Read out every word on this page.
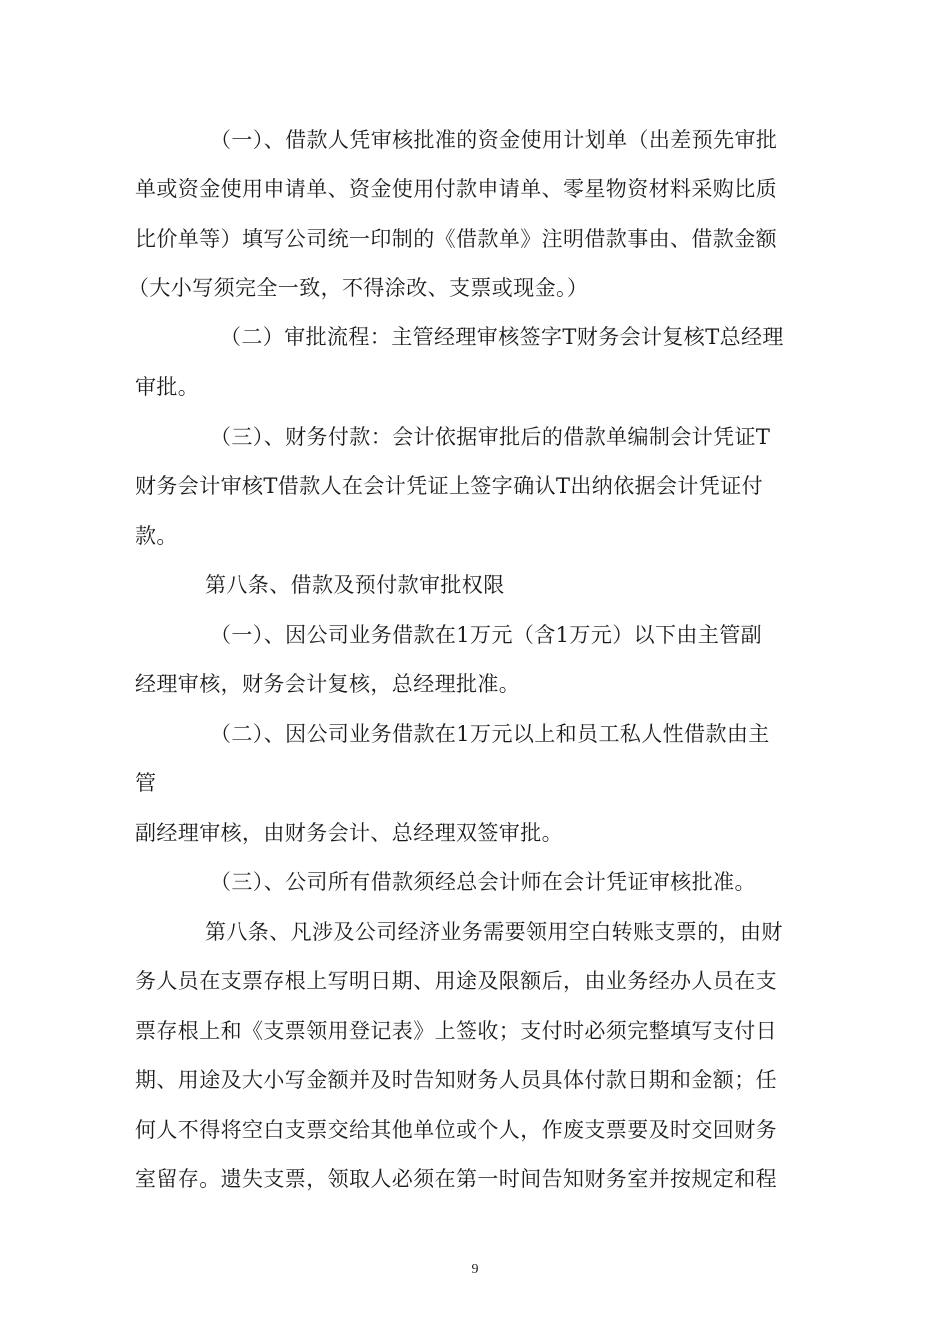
（一）、借款人凭审核批准的资金使用计划单（出差预先审批
单或资金使用申请单、资金使用付款申请单、零星物资材料采购比质
比价单等）填写公司统一印制的《借款单》注明借款事由、借款金额
（大小写须完全一致，不得涂改、支票或现金。）
（二）审批流程：主管经理审核签字T财务会计复核T总经理
审批。
（三）、财务付款：会计依据审批后的借款单编制会计凭证T
财务会计审核T借款人在会计凭证上签字确认T出纳依据会计凭证付
款。
第八条、借款及预付款审批权限
（一）、因公司业务借款在1万元（含1万元）以下由主管副
经理审核，财务会计复核，总经理批准。
（二）、因公司业务借款在1万元以上和员工私人性借款由主
管
副经理审核，由财务会计、总经理双签审批。
（三）、公司所有借款须经总会计师在会计凭证审核批准。
第八条、凡涉及公司经济业务需要领用空白转账支票的，由财
务人员在支票存根上写明日期、用途及限额后，由业务经办人员在支
票存根上和《支票领用登记表》上签收；支付时必须完整填写支付日
期、用途及大小写金额并及时告知财务人员具体付款日期和金额；任
何人不得将空白支票交给其他单位或个人，作废支票要及时交回财务
室留存。遗失支票，领取人必须在第一时间告知财务室并按规定和程
9
